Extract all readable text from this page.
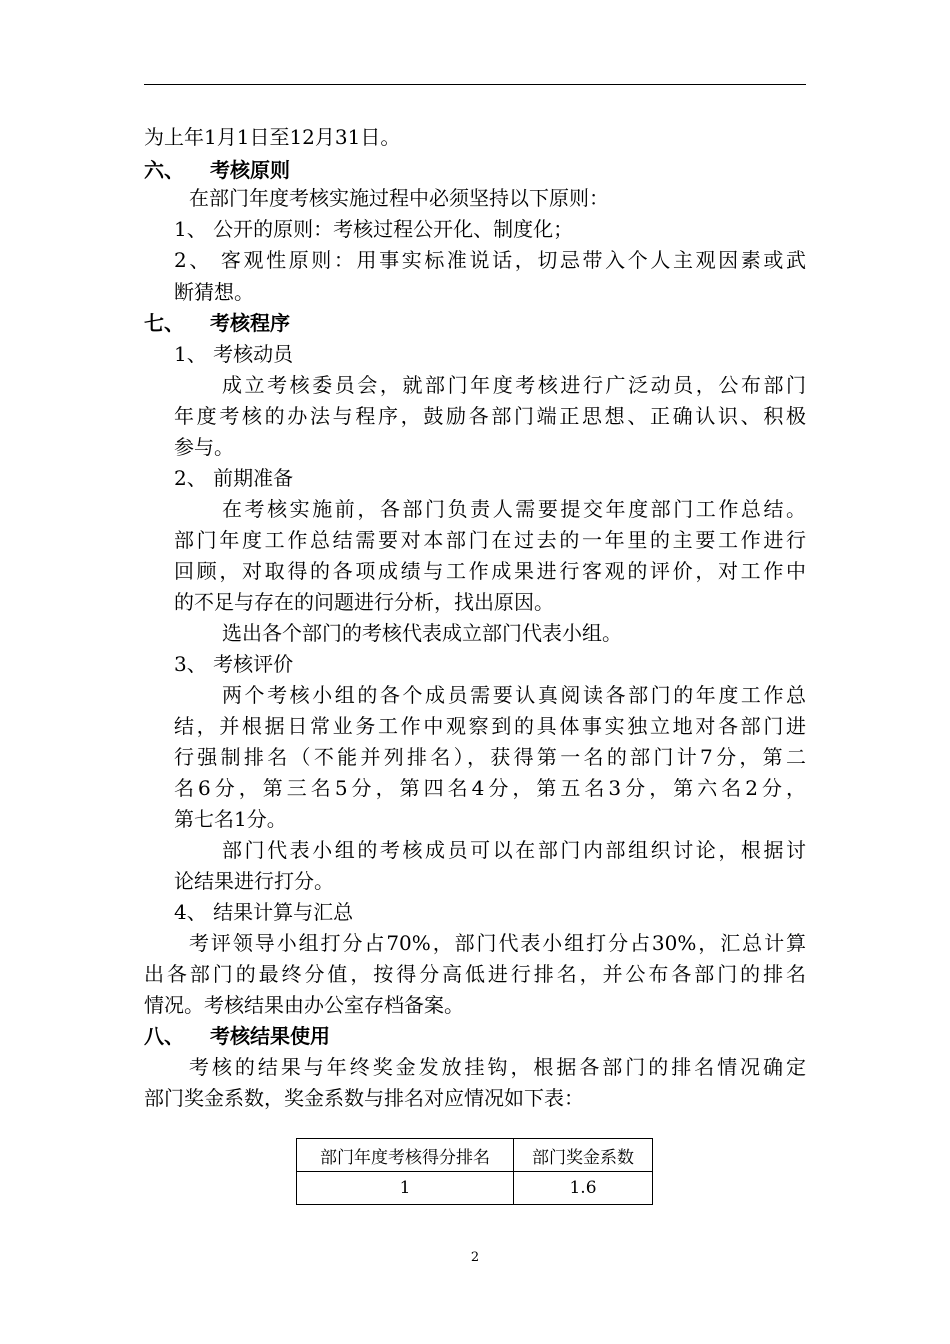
为上年1月1日至12月31日。
六、 考核原则
在部门年度考核实施过程中必须坚持以下原则：
1、 公开的原则：考核过程公开化、制度化；
2、 客观性原则：用事实标准说话，切忌带入个人主观因素或武
断猜想。
七、 考核程序
1、 考核动员
成立考核委员会，就部门年度考核进行广泛动员，公布部门
年度考核的办法与程序，鼓励各部门端正思想、正确认识、积极
参与。
2、 前期准备
在考核实施前，各部门负责人需要提交年度部门工作总结。
部门年度工作总结需要对本部门在过去的一年里的主要工作进行
回顾，对取得的各项成绩与工作成果进行客观的评价，对工作中
的不足与存在的问题进行分析，找出原因。
选出各个部门的考核代表成立部门代表小组。
3、 考核评价
两个考核小组的各个成员需要认真阅读各部门的年度工作总
结，并根据日常业务工作中观察到的具体事实独立地对各部门进
行强制排名（不能并列排名），获得第一名的部门计7分，第二
名6分，第三名5分，第四名4分，第五名3分，第六名2分，
第七名1分。
部门代表小组的考核成员可以在部门内部组织讨论，根据讨
论结果进行打分。
4、 结果计算与汇总
考评领导小组打分占70%，部门代表小组打分占30%，汇总计算
出各部门的最终分值，按得分高低进行排名，并公布各部门的排名
情况。考核结果由办公室存档备案。
八、 考核结果使用
考核的结果与年终奖金发放挂钩，根据各部门的排名情况确定
部门奖金系数，奖金系数与排名对应情况如下表：
部门年度考核得分排名	部门奖金系数
1	1.6
2
